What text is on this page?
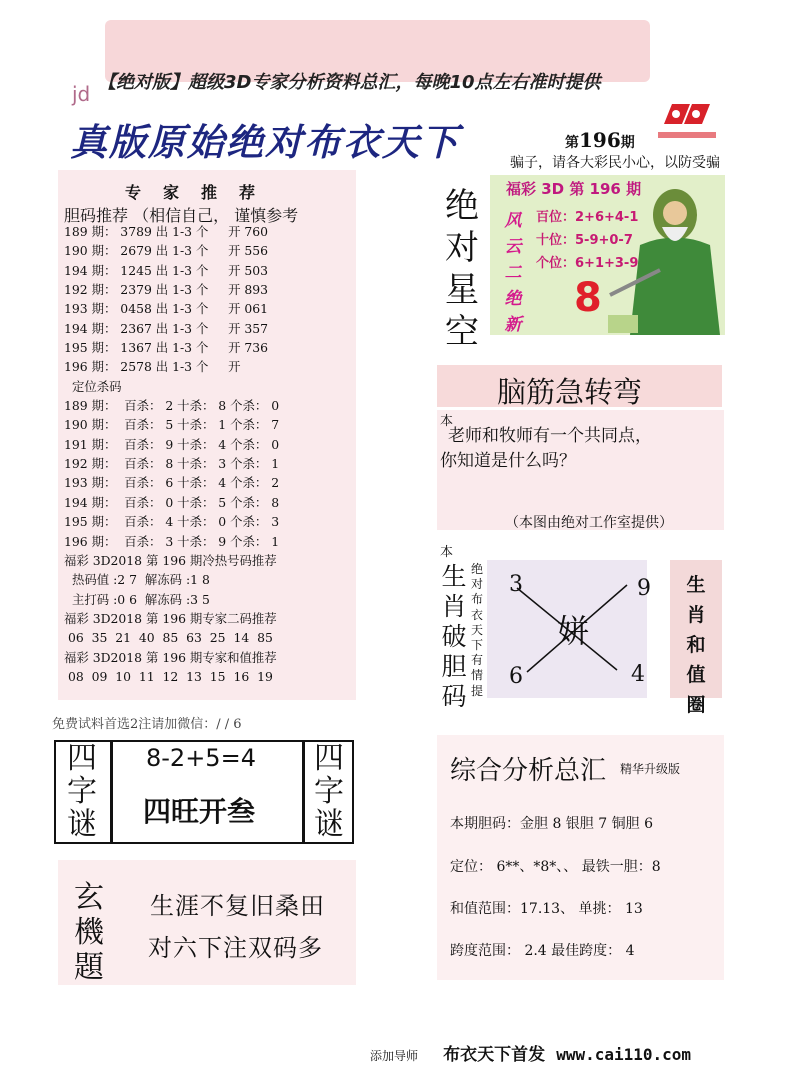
【绝对版】超级3D专家分析资料总汇，每晚10点左右准时提供
jd
真版原始绝对布衣天下	第196期
骗子，请各大彩民小心，以防受骗
专家推荐
胆码推荐 （相信自己， 谨慎参考
189 期： 3789 出 1-3 个     开 760
190 期： 2679 出 1-3 个     开 556
194 期： 1245 出 1-3 个     开 503
192 期： 2379 出 1-3 个     开 893
193 期： 0458 出 1-3 个     开 061
194 期： 2367 出 1-3 个     开 357
195 期： 1367 出 1-3 个     开 736
196 期： 2578 出 1-3 个     开
定位杀码
189 期：  百杀： 2 十杀： 8 个杀： 0
190 期：  百杀： 5 十杀： 1 个杀： 7
191 期：  百杀： 9 十杀： 4 个杀： 0
192 期：  百杀： 8 十杀： 3 个杀： 1
193 期：  百杀： 6 十杀： 4 个杀： 2
194 期：  百杀： 0 十杀： 5 个杀： 8
195 期：  百杀： 4 十杀： 0 个杀： 3
196 期：  百杀： 3 十杀： 9 个杀： 1
福彩 3D2018 第 196 期冷热号码推荐
热码值 :2 7  解冻码 :1 8
主打码 :0 6  解冻码 :3 5
福彩 3D2018 第 196 期专家二码推荐
06  35  21  40  85  63  25  14  85
福彩 3D2018 第 196 期专家和值推荐
08  09  10  11  12  13  15  16  19
免费试料首选2注请加微信：/ / 6
四
字
谜
四
字
谜
8-2+5=4
四旺开叁
玄
機
題
生涯不复旧桑田
对六下注双码多
绝
对
星
空
福彩 3D 第 196 期
百位：2+6+4-1
十位：5-9+0-7
个位：6+1+3-9
风
云
二
绝
新
8
脑筋急转弯
本
老师和牧师有一个共同点，
你知道是什么吗？
（本图由绝对工作室提供）
本
生
肖
破
胆
码
绝对布衣天下有情提
3	9
6	4
姘
生
肖
和
值
圈
综合分析总汇 精华升级版
本期胆码：金胆 8 银胆 7 铜胆 6
定位： 6**、*8*、、 最铁一胆：8
和值范围：17.13、 单挑： 13
跨度范围： 2.4 最佳跨度： 4
添加导师 布衣天下首发 www.cai110.com
